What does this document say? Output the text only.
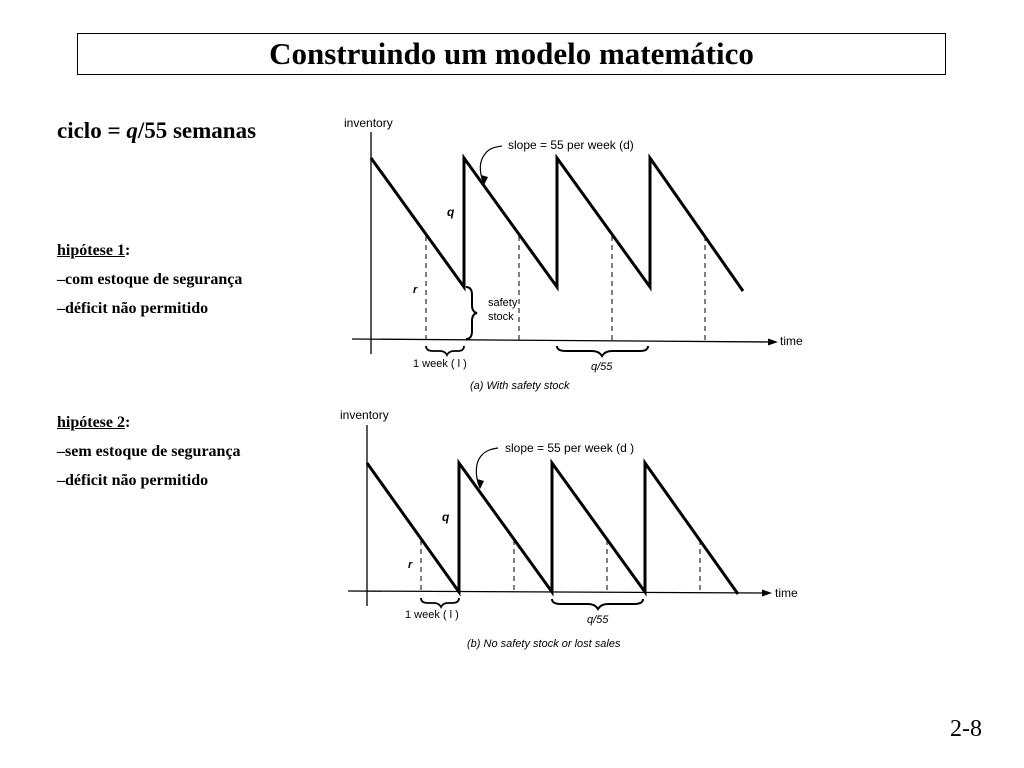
Construindo um modelo matemático
ciclo = q/55 semanas
hipótese 1:
–com estoque de segurança
–déficit não permitido
hipótese 2:
–sem estoque de segurança
–déficit não permitido
inventory
time
slope = 55 per week (d)
q
r
safety
stock
1 week ( l )	q/55
(a) With safety stock
inventory
time
slope = 55 per week (d )
q
r
1 week ( l )	q/55
(b) No safety stock or lost sales
2-8
